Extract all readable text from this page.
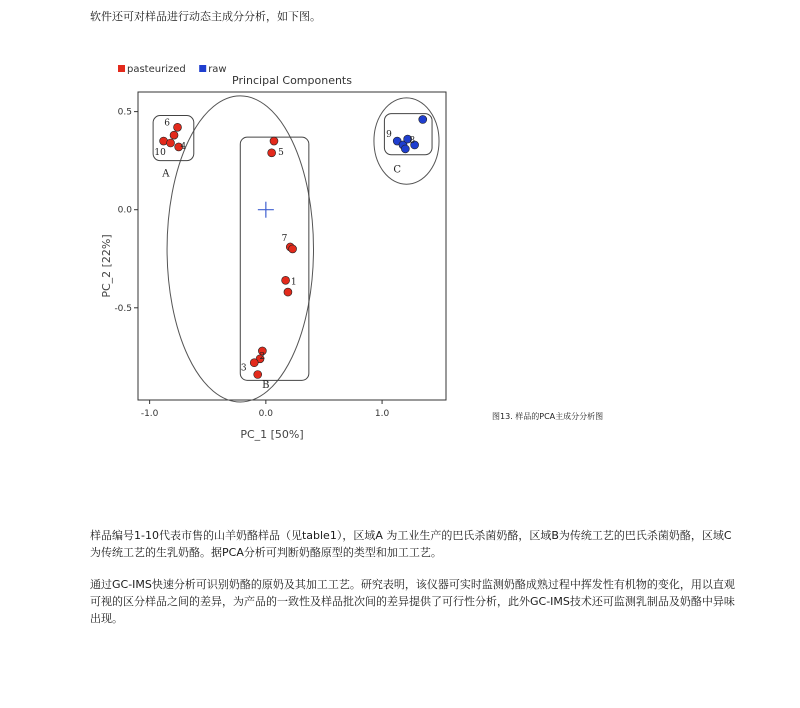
软件还可对样品进行动态主成分分析，如下图。
A
B
C
6
10
4
5
7
1
2
3
9
8
-1.0	0.0	1.0
0.5
0.0
-0.5
Principal Components
PC_1 [50%]
PC_2 [22%]
pasteurized raw
图13. 样品的PCA主成分分析图
样品编号1-10代表市售的山羊奶酪样品（见table1），区域A 为工业生产的巴氏杀菌奶酪，区域B为传统工艺的巴氏杀菌奶酪，区域C
为传统工艺的生乳奶酪。据PCA分析可判断奶酪原型的类型和加工工艺。
通过GC-IMS快速分析可识别奶酪的原奶及其加工工艺。研究表明，该仪器可实时监测奶酪成熟过程中挥发性有机物的变化，用以直观
可视的区分样品之间的差异，为产品的一致性及样品批次间的差异提供了可行性分析，此外GC-IMS技术还可监测乳制品及奶酪中异味
出现。
